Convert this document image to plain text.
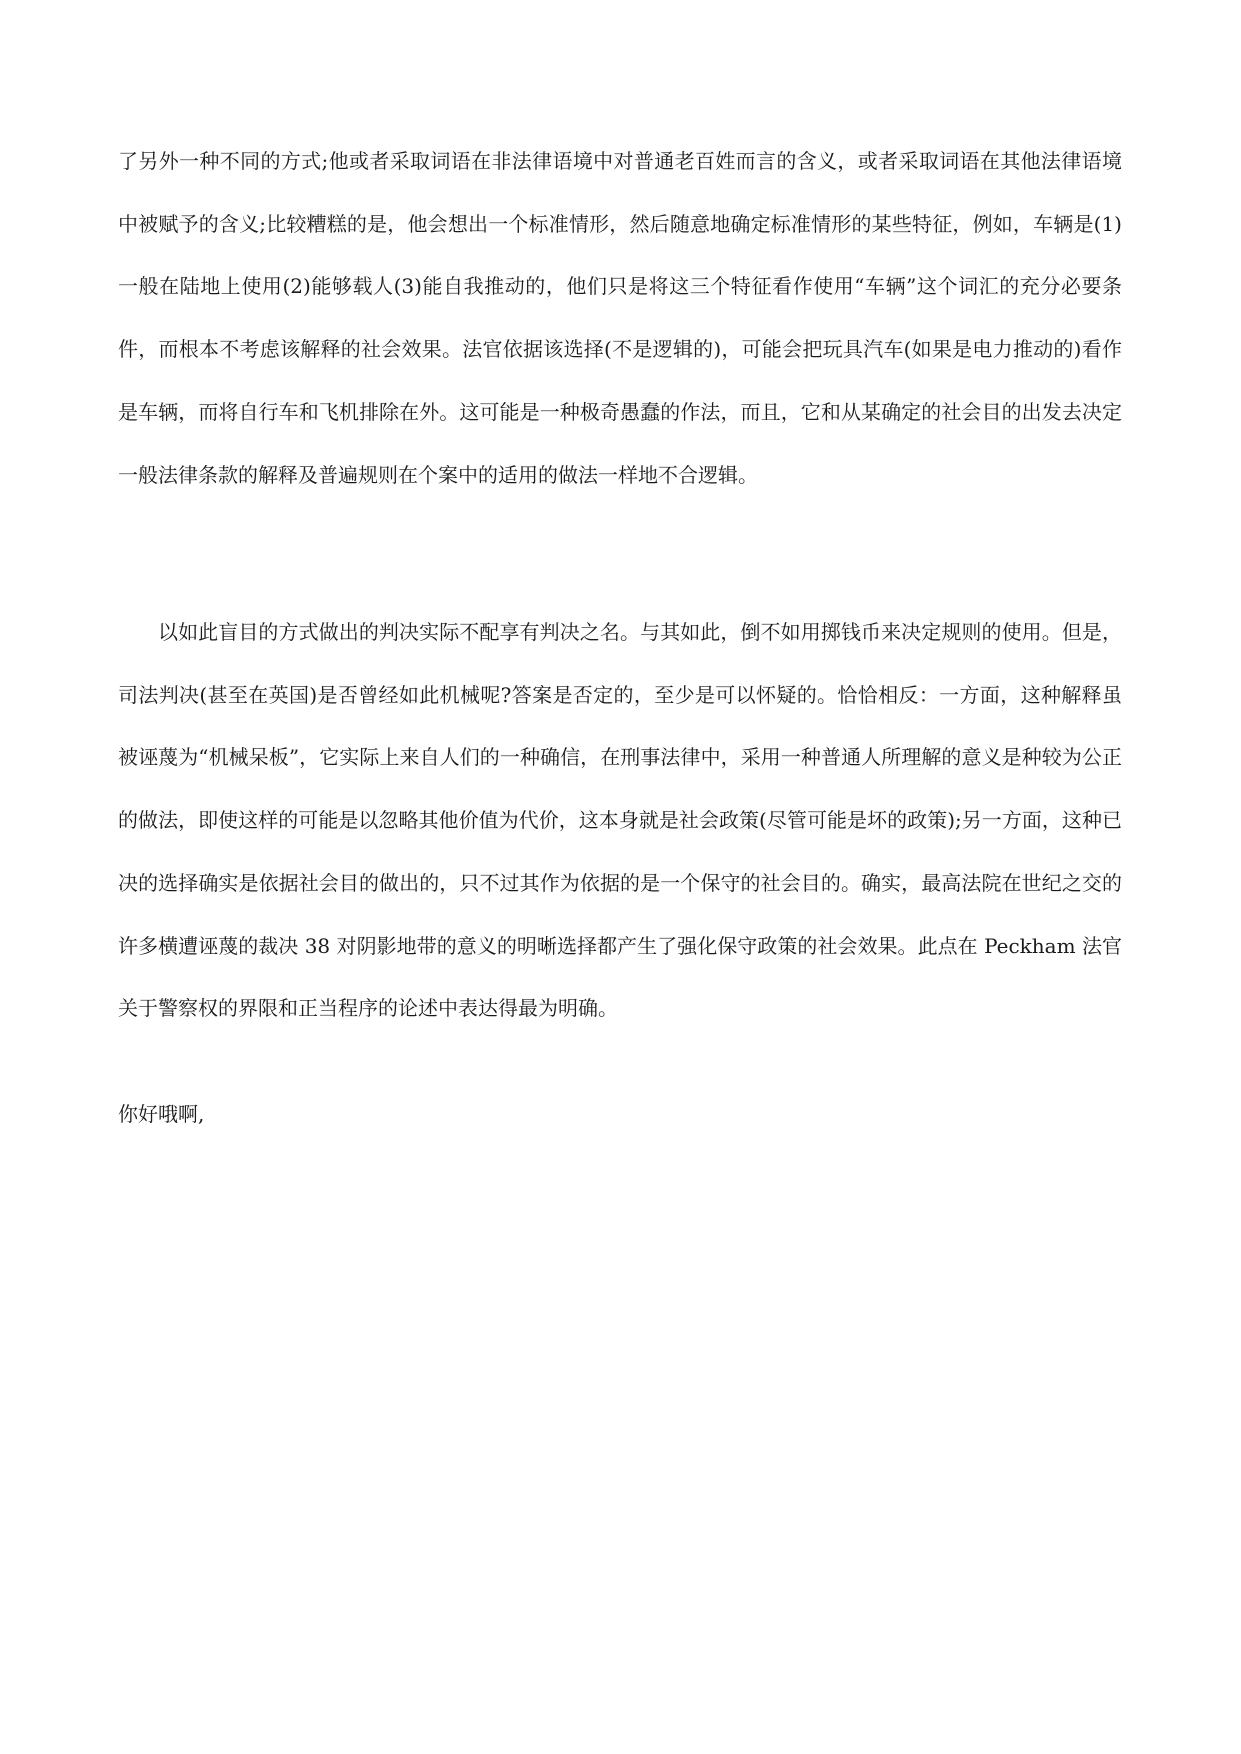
了另外一种不同的方式;他或者采取词语在非法律语境中对普通老百姓而言的含义，或者采取词语在其他法律语境中被赋予的含义;比较糟糕的是，他会想出一个标准情形，然后随意地确定标准情形的某些特征，例如，车辆是(1)一般在陆地上使用(2)能够载人(3)能自我推动的，他们只是将这三个特征看作使用“车辆”这个词汇的充分必要条件，而根本不考虑该解释的社会效果。法官依据该选择(不是逻辑的)，可能会把玩具汽车(如果是电力推动的)看作是车辆，而将自行车和飞机排除在外。这可能是一种极奇愚蠢的作法，而且，它和从某确定的社会目的出发去决定一般法律条款的解释及普遍规则在个案中的适用的做法一样地不合逻辑。

以如此盲目的方式做出的判决实际不配享有判决之名。与其如此，倒不如用掷钱币来决定规则的使用。但是，司法判决(甚至在英国)是否曾经如此机械呢?答案是否定的，至少是可以怀疑的。恰恰相反：一方面，这种解释虽被诬蔑为“机械呆板”，它实际上来自人们的一种确信，在刑事法律中，采用一种普通人所理解的意义是种较为公正的做法，即使这样的可能是以忽略其他价值为代价，这本身就是社会政策(尽管可能是坏的政策);另一方面，这种已决的选择确实是依据社会目的做出的，只不过其作为依据的是一个保守的社会目的。确实，最高法院在世纪之交的许多横遭诬蔑的裁决 38 对阴影地带的意义的明晰选择都产生了强化保守政策的社会效果。此点在 Peckham 法官关于警察权的界限和正当程序的论述中表达得最为明确。

你好哦啊,
